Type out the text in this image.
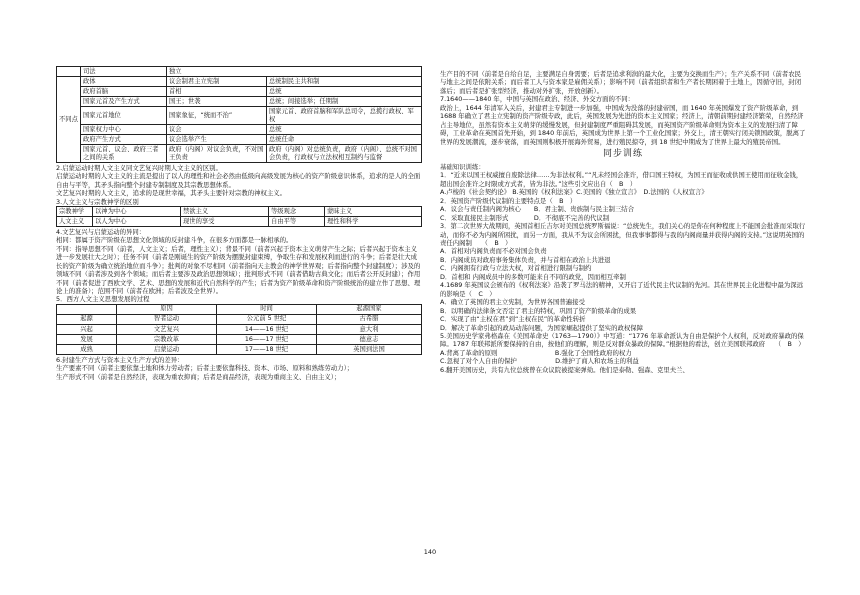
	司法	独立	
不同点	政体	议会制君主立宪制	总统制民主共和制
	政府首脑	首相	总统
	国家元首及产生方式	国王；世袭	总统；间接选举；任期制
	国家元首地位	国家象征，“统而不治”	国家元首、政府首脑和军队总司令，总揽行政权、军权
	国家权力中心	议会	总统
	政府产生方式	议会选举产生	总统任命
	国家元首、议会、政府三者之间的关系	政府（内阁）对议会负责，不对国王负责	政府（内阁）对总统负责，政府（内阁）、总统不对国会负责，行政权与立法权相互制约与监督

2.启蒙运动时期人文主义同文艺复兴时期人文主义的区别。

启蒙运动时期的人文主义的主流是提出了以人的理性和社会必然由低级向高级发展为核心的资产阶级意识体系，追求的是人的全面自由与平等，其矛头指向整个封建专制制度及其宗教思想体系。

文艺复兴时期的人文主义，追求的是现世幸福，其矛头主要针对宗教的神权主义。

3.人文主义与宗教神学的区别

宗教神学	以神为中心	禁欲主义	等级观念	蒙昧主义
人文主义	以人为中心	现世的享受	自由平等	理性和科学

4.文艺复兴与启蒙运动的异同：

相同：都属于资产阶级在思想文化领域的反封建斗争，在很多方面都是一脉相承的。

不同：指导思想不同（前者，人文主义；后者，理性主义）；背景不同（前者兴起于资本主义萌芽产生之际；后者兴起于资本主义进一步发展壮大之时）；任务不同（前者是刚诞生的资产阶级为摆脱封建束缚，争取生存和发展权利而进行的斗争；后者是壮大成长的资产阶级为确立统治地位而斗争）；批判的对象不尽相同（前者指向天主教会的神学世界观；后者指向整个封建制度）；涉及的领域不同（前者涉及到各个领域；而后者主要涉及政治思想领域）；批判形式不同（前者借助古典文化；而后者公开反封建）；作用不同（前者促进了西欧文学、艺术、思想的发展和近代自然科学的产生；后者为资产阶级革命和资产阶级统治的建立作了思想、理论上的准备）；范围不同（前者在欧洲；后者波及全世界）。

5．西方人文主义思想发展的过程

	原因	时间	起源国家
起源	智者运动	公元前 5 世纪	古希腊
兴起	文艺复兴	14——16 世纪	意大利
发展	宗教改革	16——17 世纪	德意志
成熟	启蒙运动	17——18 世纪	英国到法国

6.封建生产方式与资本主义生产方式的差异：

生产要素不同（前者主要依靠土地和体力劳动者；后者主要依靠科技、资本、市场、原料和熟练劳动力）；

生产形式不同（前者是自然经济，表现为重农抑商；后者是商品经济，表现为重商主义、自由主义）；

生产目的不同（前者是自给自足，主要满足自身需要；后者是追求利润的最大化，主要为交换而生产）；生产关系不同（前者农民与地主之间是依附关系；而后者工人与资本家是雇佣关系）；影响不同（前者组织者和生产者长期困着于土地上，因循守旧，封闭落后；而后者是扩张型经济，推动对外扩张，开放创新）。

7.1640——1840 年，中国与英国在政治、经济、外交方面的不同：

政治上，1644 年清军入关后，封建君主专制进一步加强，中国成为没落的封建帝国，而 1640 年英国爆发了资产阶级革命，到 1688 年确立了君主立宪制的资产阶级专政，此后，英国发展为先进的资本主义国家；经济上，清朝前期封建经济繁荣，自然经济占主导地位，虽然有资本主义萌芽的缓慢发展，但封建制度严重阻碍其发展，而英国资产阶级革命则为资本主义的发展扫清了障碍，工业革命在英国首先开始，到 1840 年前后，英国成为世界上第一个工业化国家；外交上，清王朝实行闭关锁国政策，脱离了世界的发展潮流，逐步衰落，而英国则积极开展海外贸易，进行殖民掠夺，到 18 世纪中期成为了世界上最大的殖民帝国。

同步训练

基础知识训练：

1．“近来以国王权威擅自废除法律……为非法权利。”“凡未经国会准许，借口国王特权，为国王而征收或供国王使用而征收金钱，超出国会准许之时限或方式者，皆为非法。”这些引文应出自（　B　）

A.卢梭的《社会契约论》 B.英国的《权利法案》C.美国的《独立宣言》　D.法国的《人权宣言》

2．英国资产阶级代议制的主要特点是（　B　）

A．议会与责任制内阁为核心　　B．君主制、贵族制与民主制三结合

C．采取直接民主制形式　　　　D．不彻底不完善的代议制

3．第二次世界大战期间，英国首相丘吉尔对美国总统罗斯福说：“总统先生，我们关心的是你在何种程度上不能国会批准而采取行动，而你不必为内阁所困扰，而另一方面，我从不为议会所困扰，但我事事都得与我的内阁商量并获得内阁的支持。”这说明英国的责任内阁制　　（　B　）

A．首相对内阁负责而不必对国会负责

B．内阁成员对政府事务集体负责，并与首相在政治上共进退

C．内阁拥有行政与立法大权，对首相进行限制与制约

D．首相和 内阁成员中的多数可能来自不同的政党，因而相互牵制

4.1689 年英国议会颁布的《权利法案》沿袭了罗马法的精神，又开启了近代民主代议制的先河。其在世界民主化进程中最为深远的影响是（　C　）

A．确立了英国的君主立宪制，为世界各国普遍接受

B．以明确的法律条文否定了君主的特权，巩固了资产阶级革命的成果

C．实现了由“主权在君”到“主权在民”的革命性转折

D．解决了革命引起的政局动荡问题，为国家崛起提供了坚实的政权保障

5.美国历史学家弗格森在《美国革命史（1763—1790）》中写道：“1776 年革命派认为自由是保护个人权利，反对政府暴政的保障。1787 年联邦派所要保持的自由，按他们的理解，则是反对群众暴政的保障。”根据他的看法，创立美国联邦政府　　（　B　）

A.背离了革命的原则　　　　　　　　　B.强化了全国性政府的权力

C.忽视了对个人自由的保护　　　　　　D.维护了商人和农场主的利益

6.翻开美国历史，共有九位总统曾在众议院被提案弹劾。他们是泰勒、强森、克里夫兰、

140
